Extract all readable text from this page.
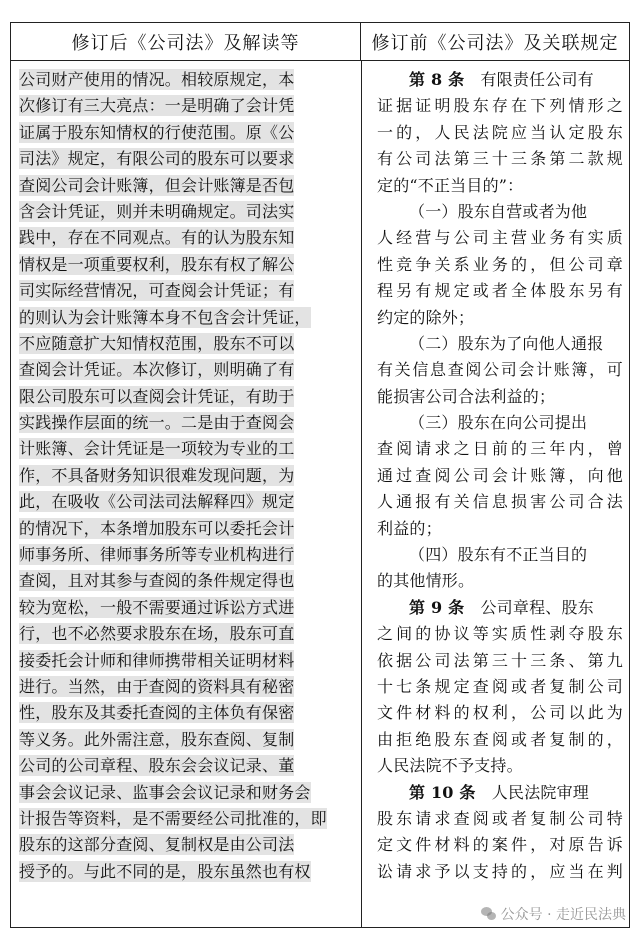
修订后《公司法》及解读等	修订前《公司法》及关联规定
公司财产使用的情况。相较原规定，本
次修订有三大亮点：一是明确了会计凭
证属于股东知情权的行使范围。原《公
司法》规定，有限公司的股东可以要求
查阅公司会计账簿，但会计账簿是否包
含会计凭证，则并未明确规定。司法实
践中，存在不同观点。有的认为股东知
情权是一项重要权利，股东有权了解公
司实际经营情况，可查阅会计凭证；有
的则认为会计账簿本身不包含会计凭证，
不应随意扩大知情权范围，股东不可以
查阅会计凭证。本次修订，则明确了有
限公司股东可以查阅会计凭证，有助于
实践操作层面的统一。二是由于查阅会
计账簿、会计凭证是一项较为专业的工
作，不具备财务知识很难发现问题，为
此，在吸收《公司法司法解释四》规定
的情况下，本条增加股东可以委托会计
师事务所、律师事务所等专业机构进行
查阅，且对其参与查阅的条件规定得也
较为宽松，一般不需要通过诉讼方式进
行，也不必然要求股东在场，股东可直
接委托会计师和律师携带相关证明材料
进行。当然，由于查阅的资料具有秘密
性，股东及其委托查阅的主体负有保密
等义务。此外需注意，股东查阅、复制
公司的公司章程、股东会会议记录、董
事会会议记录、监事会会议记录和财务会
计报告等资料，是不需要经公司批准的，即
股东的这部分查阅、复制权是由公司法
授予的。与此不同的是，股东虽然也有权
第 8 条　有限责任公司有
证据证明股东存在下列情形之
一的，人民法院应当认定股东
有公司法第三十三条第二款规
定的“不正当目的”：
（一）股东自营或者为他
人经营与公司主营业务有实质
性竞争关系业务的，但公司章
程另有规定或者全体股东另有
约定的除外；
（二）股东为了向他人通报
有关信息查阅公司会计账簿，可
能损害公司合法利益的；
（三）股东在向公司提出
查阅请求之日前的三年内，曾
通过查阅公司会计账簿，向他
人通报有关信息损害公司合法
利益的；
（四）股东有不正当目的
的其他情形。
第 9 条　公司章程、股东
之间的协议等实质性剥夺股东
依据公司法第三十三条、第九
十七条规定查阅或者复制公司
文件材料的权利，公司以此为
由拒绝股东查阅或者复制的，
人民法院不予支持。
第 10 条　人民法院审理
股东请求查阅或者复制公司特
定文件材料的案件，对原告诉
讼请求予以支持的，应当在判
公众号 · 走近民法典
